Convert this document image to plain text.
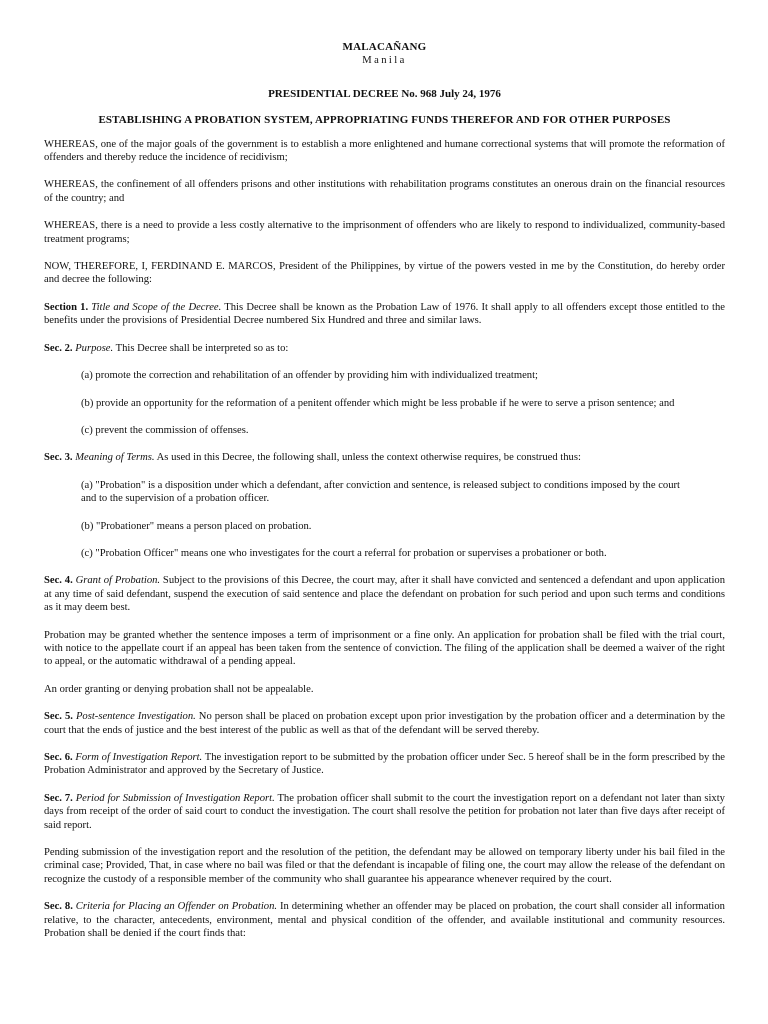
MALACAÑANG
Manila
PRESIDENTIAL DECREE No. 968 July 24, 1976
ESTABLISHING A PROBATION SYSTEM, APPROPRIATING FUNDS THEREFOR AND FOR OTHER PURPOSES

WHEREAS, one of the major goals of the government is to establish a more enlightened and humane correctional systems that will promote the reformation of offenders and thereby reduce the incidence of recidivism;

WHEREAS, the confinement of all offenders prisons and other institutions with rehabilitation programs constitutes an onerous drain on the financial resources of the country; and

WHEREAS, there is a need to provide a less costly alternative to the imprisonment of offenders who are likely to respond to individualized, community-based treatment programs;

NOW, THEREFORE, I, FERDINAND E. MARCOS, President of the Philippines, by virtue of the powers vested in me by the Constitution, do hereby order and decree the following:

Section 1. Title and Scope of the Decree. This Decree shall be known as the Probation Law of 1976. It shall apply to all offenders except those entitled to the benefits under the provisions of Presidential Decree numbered Six Hundred and three and similar laws.

Sec. 2. Purpose. This Decree shall be interpreted so as to:

(a) promote the correction and rehabilitation of an offender by providing him with individualized treatment;

(b) provide an opportunity for the reformation of a penitent offender which might be less probable if he were to serve a prison sentence; and

(c) prevent the commission of offenses.

Sec. 3. Meaning of Terms. As used in this Decree, the following shall, unless the context otherwise requires, be construed thus:

(a) "Probation" is a disposition under which a defendant, after conviction and sentence, is released subject to conditions imposed by the court and to the supervision of a probation officer.

(b) "Probationer" means a person placed on probation.

(c) "Probation Officer" means one who investigates for the court a referral for probation or supervises a probationer or both.

Sec. 4. Grant of Probation. Subject to the provisions of this Decree, the court may, after it shall have convicted and sentenced a defendant and upon application at any time of said defendant, suspend the execution of said sentence and place the defendant on probation for such period and upon such terms and conditions as it may deem best.

Probation may be granted whether the sentence imposes a term of imprisonment or a fine only. An application for probation shall be filed with the trial court, with notice to the appellate court if an appeal has been taken from the sentence of conviction. The filing of the application shall be deemed a waiver of the right to appeal, or the automatic withdrawal of a pending appeal.

An order granting or denying probation shall not be appealable.

Sec. 5. Post-sentence Investigation. No person shall be placed on probation except upon prior investigation by the probation officer and a determination by the court that the ends of justice and the best interest of the public as well as that of the defendant will be served thereby.

Sec. 6. Form of Investigation Report. The investigation report to be submitted by the probation officer under Sec. 5 hereof shall be in the form prescribed by the Probation Administrator and approved by the Secretary of Justice.

Sec. 7. Period for Submission of Investigation Report. The probation officer shall submit to the court the investigation report on a defendant not later than sixty days from receipt of the order of said court to conduct the investigation. The court shall resolve the petition for probation not later than five days after receipt of said report.

Pending submission of the investigation report and the resolution of the petition, the defendant may be allowed on temporary liberty under his bail filed in the criminal case; Provided, That, in case where no bail was filed or that the defendant is incapable of filing one, the court may allow the release of the defendant on recognize the custody of a responsible member of the community who shall guarantee his appearance whenever required by the court.

Sec. 8. Criteria for Placing an Offender on Probation. In determining whether an offender may be placed on probation, the court shall consider all information relative, to the character, antecedents, environment, mental and physical condition of the offender, and available institutional and community resources. Probation shall be denied if the court finds that:
